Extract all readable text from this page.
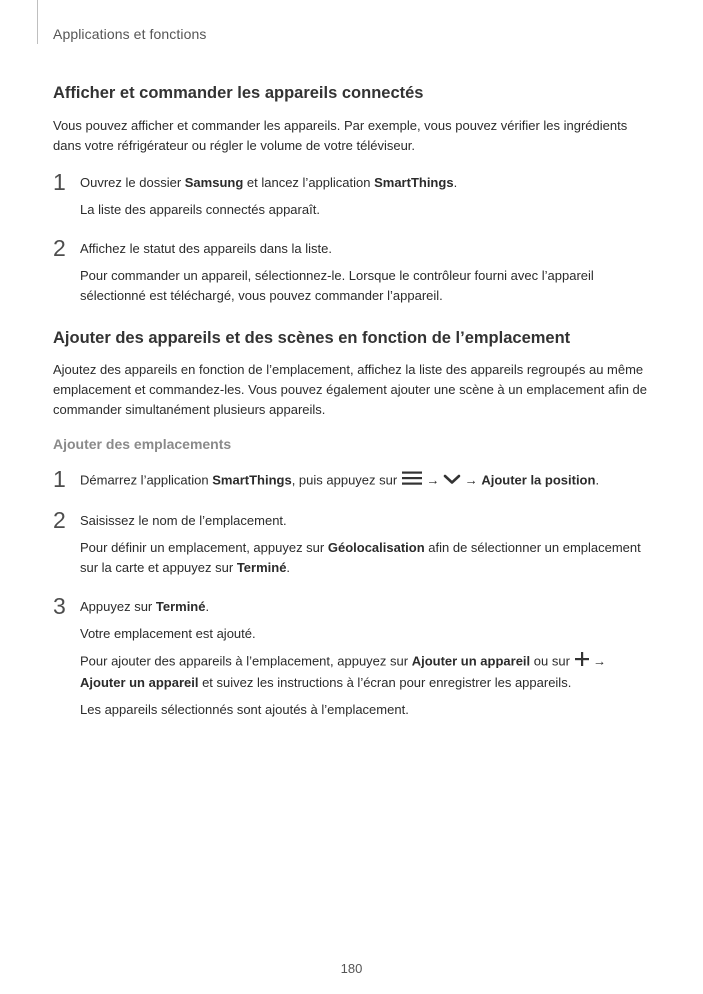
Applications et fonctions
Afficher et commander les appareils connectés

Vous pouvez afficher et commander les appareils. Par exemple, vous pouvez vérifier les ingrédients dans votre réfrigérateur ou régler le volume de votre téléviseur.

1 Ouvrez le dossier Samsung et lancez l’application SmartThings.

La liste des appareils connectés apparaît.

2 Affichez le statut des appareils dans la liste.

Pour commander un appareil, sélectionnez-le. Lorsque le contrôleur fourni avec l’appareil sélectionné est téléchargé, vous pouvez commander l’appareil.

Ajouter des appareils et des scènes en fonction de l’emplacement

Ajoutez des appareils en fonction de l’emplacement, affichez la liste des appareils regroupés au même emplacement et commandez-les. Vous pouvez également ajouter une scène à un emplacement afin de commander simultanément plusieurs appareils.

Ajouter des emplacements

1 Démarrez l’application SmartThings, puis appuyez sur  → → Ajouter la position.

2 Saisissez le nom de l’emplacement.

Pour définir un emplacement, appuyez sur Géolocalisation afin de sélectionner un emplacement sur la carte et appuyez sur Terminé.

3 Appuyez sur Terminé.

Votre emplacement est ajouté.

Pour ajouter des appareils à l’emplacement, appuyez sur Ajouter un appareil ou sur  → Ajouter un appareil et suivez les instructions à l’écran pour enregistrer les appareils.

Les appareils sélectionnés sont ajoutés à l’emplacement.

180
